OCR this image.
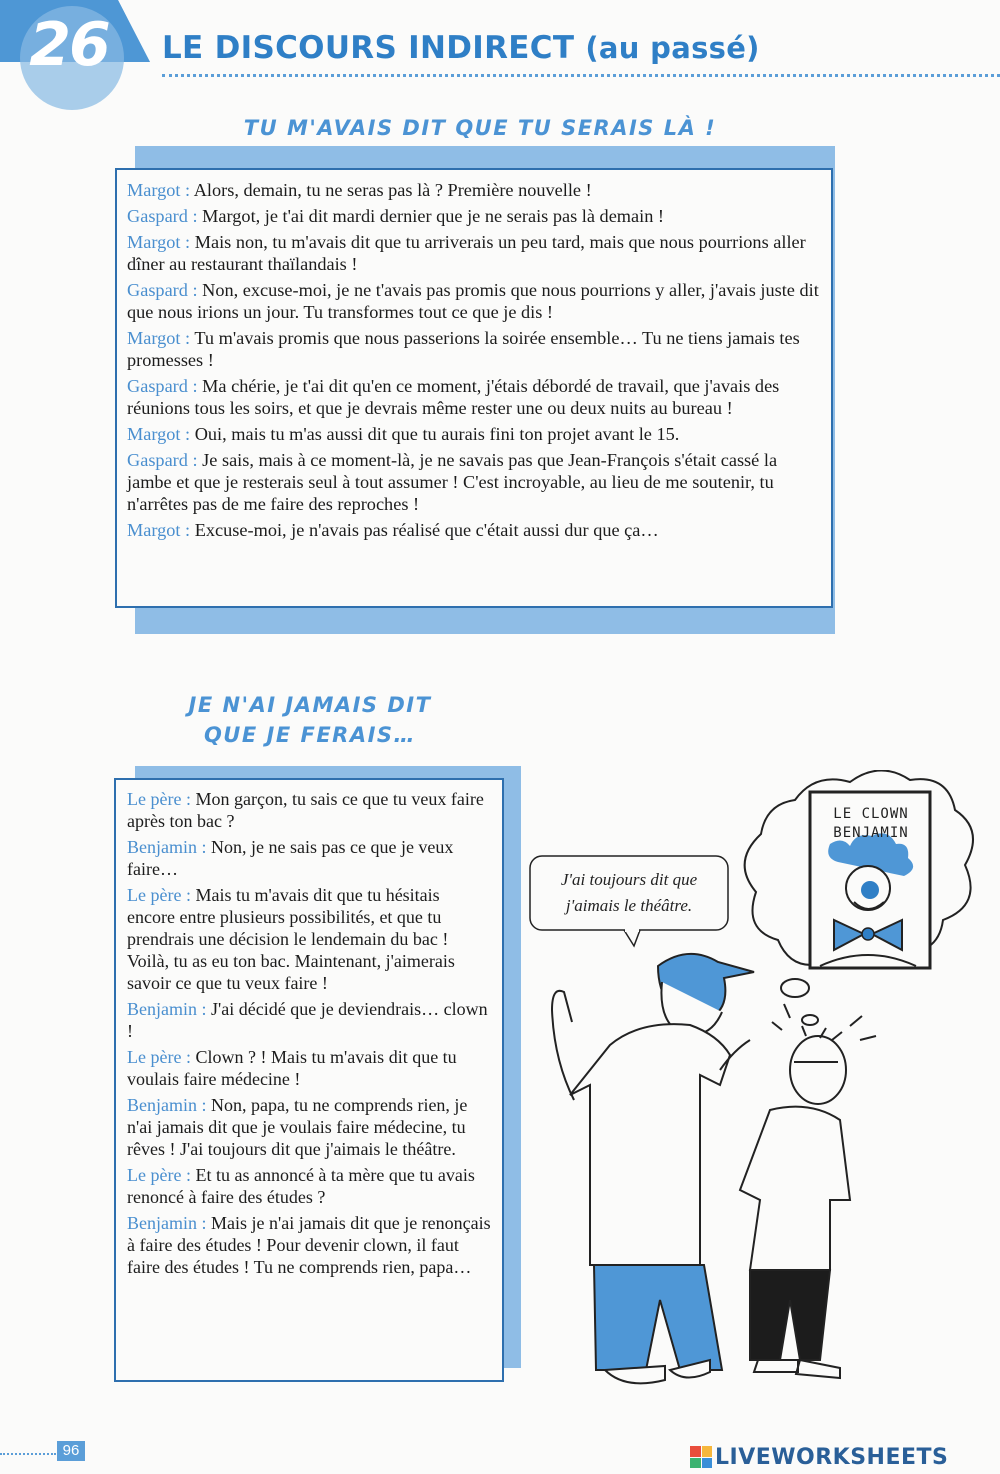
26	LE DISCOURS INDIRECT (au passé)
TU M'AVAIS DIT QUE TU SERAIS LÀ !

Margot : Alors, demain, tu ne seras pas là ? Première nouvelle !

Gaspard : Margot, je t'ai dit mardi dernier que je ne serais pas là demain !

Margot : Mais non, tu m'avais dit que tu arriverais un peu tard, mais que nous pourrions aller dîner au restaurant thaïlandais !

Gaspard : Non, excuse-moi, je ne t'avais pas promis que nous pourrions y aller, j'avais juste dit que nous irions un jour. Tu transformes tout ce que je dis !

Margot : Tu m'avais promis que nous passerions la soirée ensemble… Tu ne tiens jamais tes promesses !

Gaspard : Ma chérie, je t'ai dit qu'en ce moment, j'étais débordé de travail, que j'avais des réunions tous les soirs, et que je devrais même rester une ou deux nuits au bureau !

Margot : Oui, mais tu m'as aussi dit que tu aurais fini ton projet avant le 15.

Gaspard : Je sais, mais à ce moment-là, je ne savais pas que Jean-François s'était cassé la jambe et que je resterais seul à tout assumer ! C'est incroyable, au lieu de me soutenir, tu n'arrêtes pas de me faire des reproches !

Margot : Excuse-moi, je n'avais pas réalisé que c'était aussi dur que ça…

JE N'AI JAMAIS DIT
QUE JE FERAIS…

Le père : Mon garçon, tu sais ce que tu veux faire après ton bac ?

Benjamin : Non, je ne sais pas ce que je veux faire…

Le père : Mais tu m'avais dit que tu hésitais encore entre plusieurs possibilités, et que tu prendrais une décision le lendemain du bac ! Voilà, tu as eu ton bac. Maintenant, j'aimerais savoir ce que tu veux faire !

Benjamin : J'ai décidé que je deviendrais… clown !

Le père : Clown ? ! Mais tu m'avais dit que tu voulais faire médecine !

Benjamin : Non, papa, tu ne comprends rien, je n'ai jamais dit que je voulais faire médecine, tu rêves ! J'ai toujours dit que j'aimais le théâtre.

Le père : Et tu as annoncé à ta mère que tu avais renoncé à faire des études ?

Benjamin : Mais je n'ai jamais dit que je renonçais à faire des études ! Pour devenir clown, il faut faire des études ! Tu ne comprends rien, papa…

J'ai toujours dit que
j'aimais le théâtre.
LE CLOWN
BENJAMIN
96	LIVEWORKSHEETS
